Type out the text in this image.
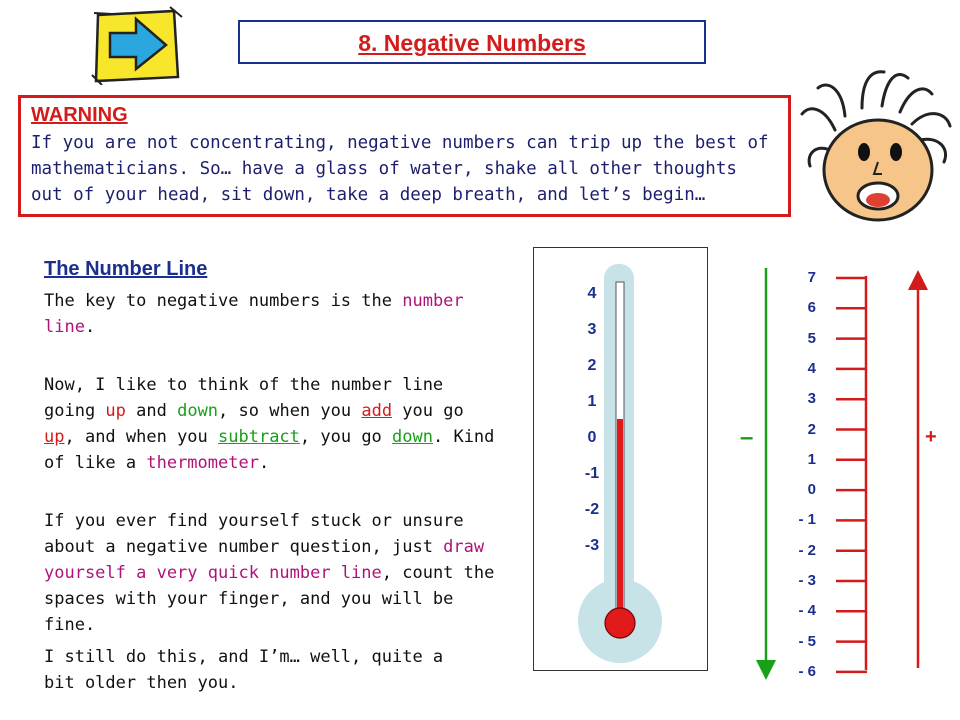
8. Negative Numbers
WARNING
If you are not concentrating, negative numbers can trip up the best of mathematicians. So… have a glass of water, shake all other thoughts out of your head, sit down, take a deep breath, and let’s begin…
The Number Line
The key to negative numbers is the number line.
Now, I like to think of the number line going up and down, so when you add you go up, and when you subtract, you go down. Kind of like a thermometer.
If you ever find yourself stuck or unsure about a negative number question, just draw yourself a very quick number line, count the spaces with your finger, and you will be fine.
I still do this, and I’m… well, quite a bit older then you.
4
3
2
1
0
-1
-2
-3
7
6
5
4
3
2
1
0
- 1
- 2
- 3
- 4
- 5
- 6
–	+
